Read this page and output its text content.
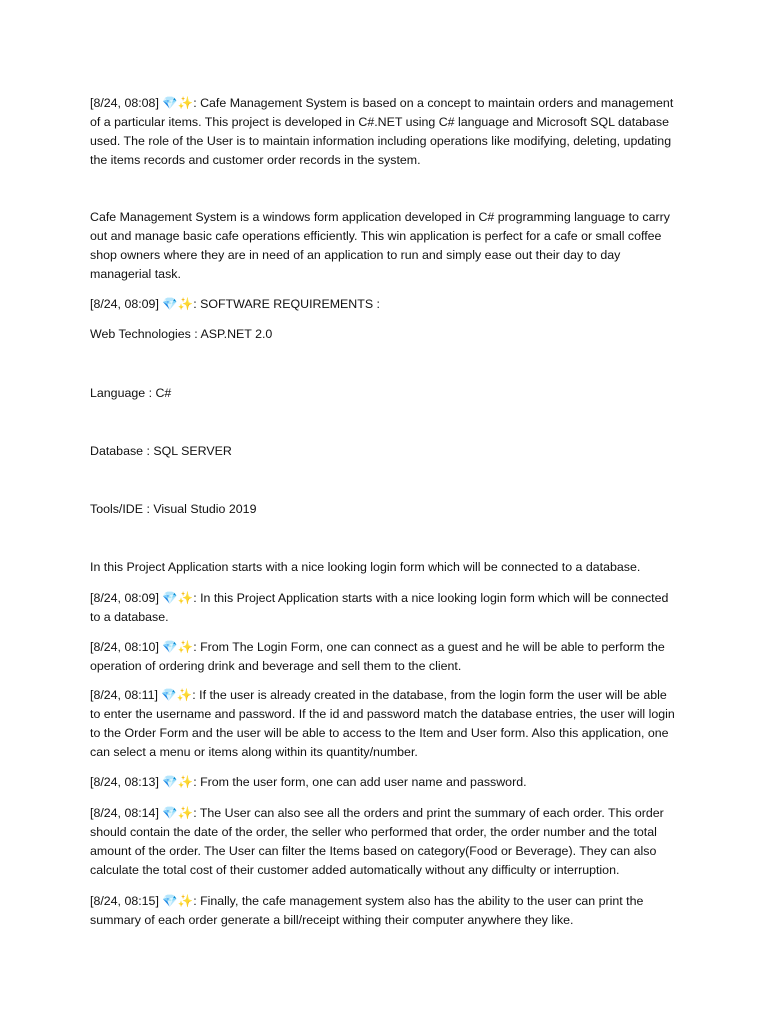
[8/24, 08:08] 💎✨: Cafe Management System is based on a concept to maintain orders and management of a particular items. This project is developed in C#.NET using C# language and Microsoft SQL database used. The role of the User is to maintain information including operations like modifying, deleting, updating the items records and customer order records in the system.

Cafe Management System is a windows form application developed in C# programming language to carry out and manage basic cafe operations efficiently. This win application is perfect for a cafe or small coffee shop owners where they are in need of an application to run and simply ease out their day to day managerial task.

[8/24, 08:09] 💎✨: SOFTWARE REQUIREMENTS :

Web Technologies : ASP.NET 2.0

Language : C#

Database : SQL SERVER

Tools/IDE : Visual Studio 2019

In this Project Application starts with a nice looking login form which will be connected to a database.

[8/24, 08:09] 💎✨: In this Project Application starts with a nice looking login form which will be connected to a database.

[8/24, 08:10] 💎✨: From The Login Form, one can connect as a guest and he will be able to perform the operation of ordering drink and beverage and sell them to the client.

[8/24, 08:11] 💎✨: If the user is already created in the database, from the login form the user will be able to enter the username and password. If the id and password match the database entries, the user will login to the Order Form and the user will be able to access to the Item and User form. Also this application, one can select a menu or items along within its quantity/number.

[8/24, 08:13] 💎✨: From the user form, one can add user name and password.

[8/24, 08:14] 💎✨: The User can also see all the orders and print the summary of each order. This order should contain the date of the order, the seller who performed that order, the order number and the total amount of the order. The User can filter the Items based on category(Food or Beverage). They can also calculate the total cost of their customer added automatically without any difficulty or interruption.

[8/24, 08:15] 💎✨: Finally, the cafe management system also has the ability to the user can print the summary of each order generate a bill/receipt withing their computer anywhere they like.
